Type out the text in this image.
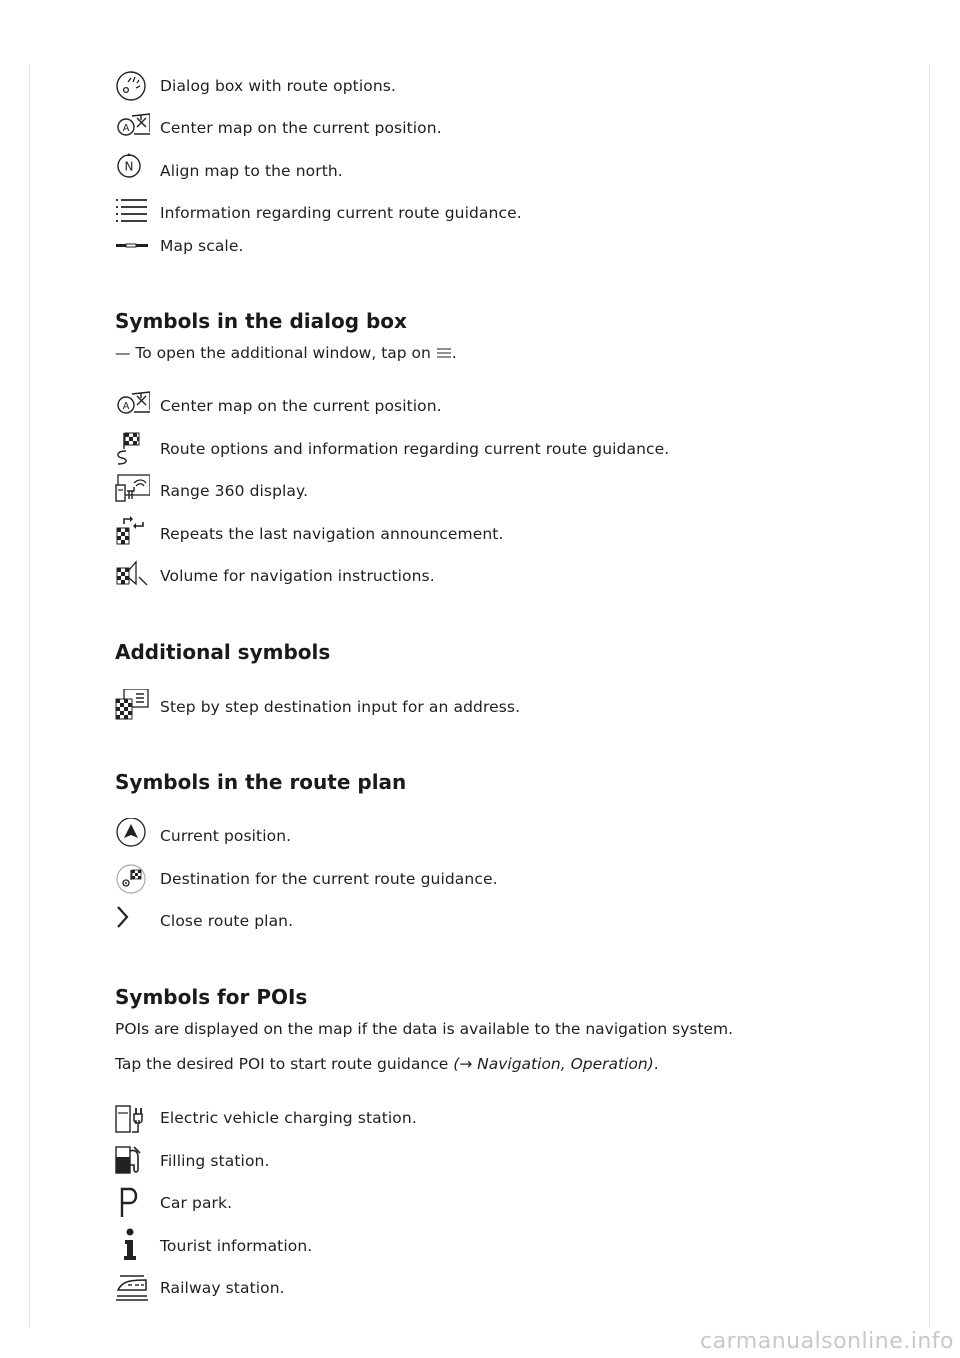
Dialog box with route options.
A Center map on the current position.
N Align map to the north.
Information regarding current route guidance.
Map scale.
Symbols in the dialog box

— To open the additional window, tap on .

A Center map on the current position.
Route options and information regarding current route guidance.
Range 360 display.
Repeats the last navigation announcement.
Volume for navigation instructions.
Additional symbols
Step by step destination input for an address.
Symbols in the route plan
Current position.
Destination for the current route guidance.
Close route plan.
Symbols for POIs

POIs are displayed on the map if the data is available to the navigation system.

Tap the desired POI to start route guidance (→ Navigation, Operation).

Electric vehicle charging station.
Filling station.
Car park.
Tourist information.
Railway station.
carmanualsonline.info
